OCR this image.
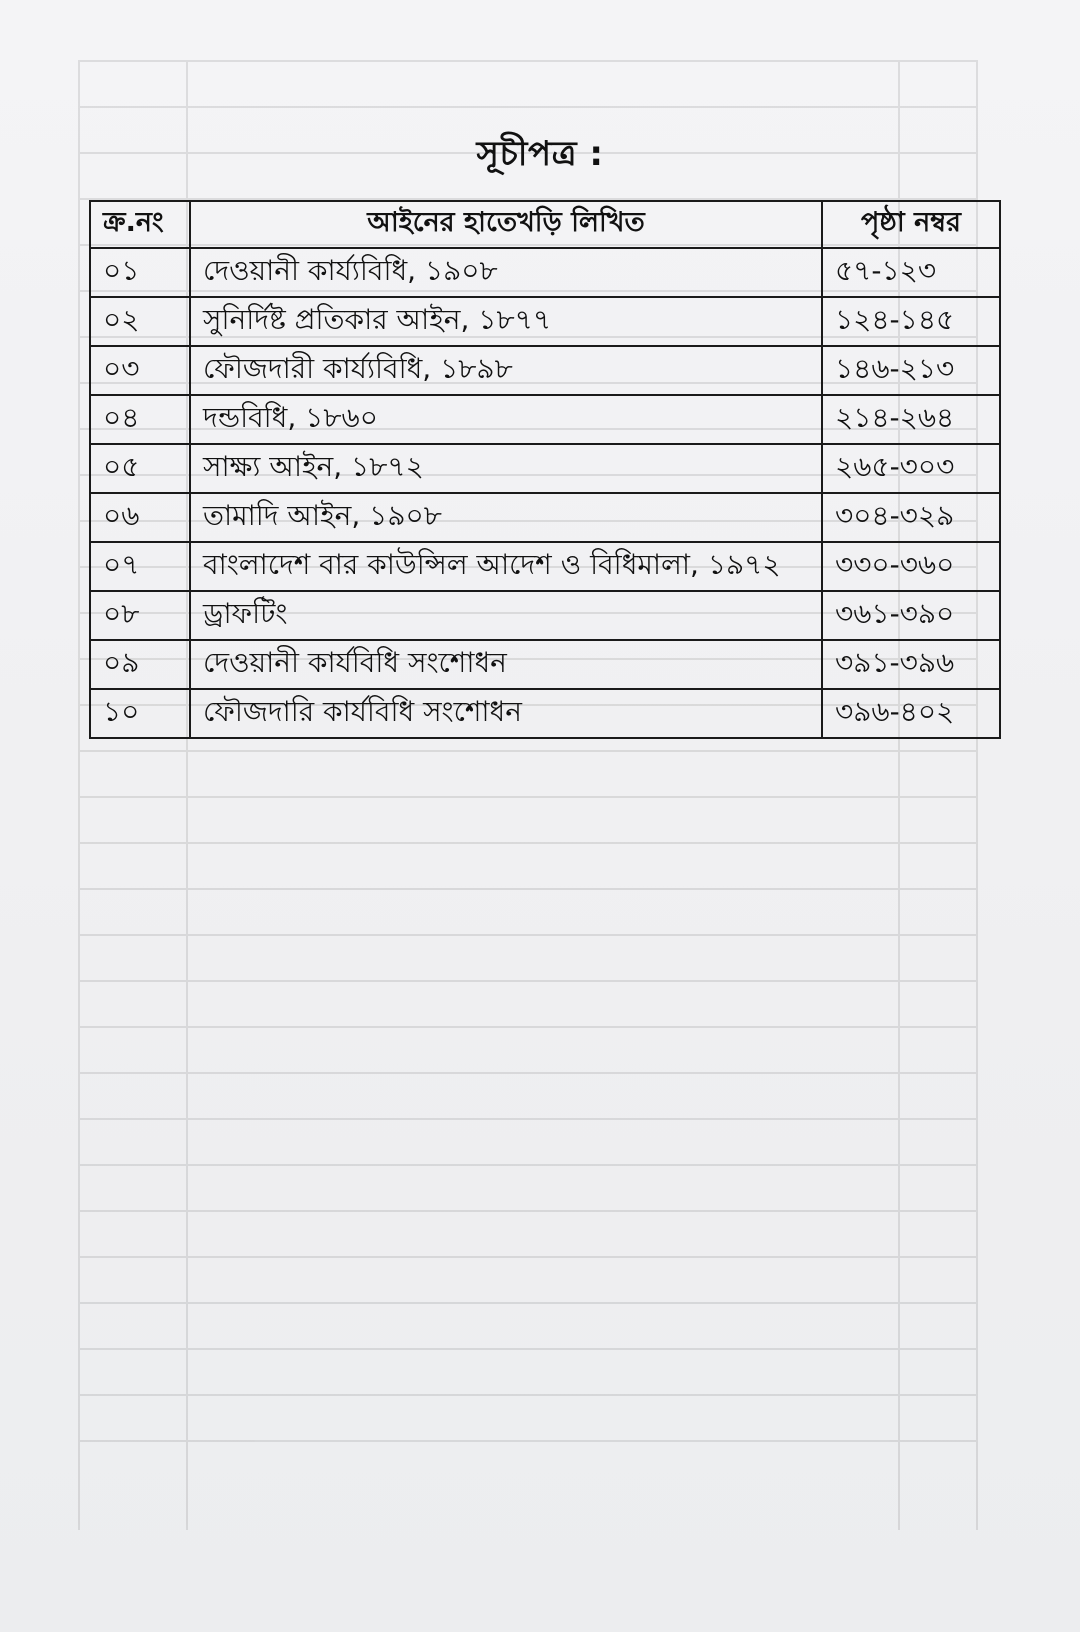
সূচীপত্র :
ক্র.নং	আইনের হাতেখড়ি লিখিত	পৃষ্ঠা নম্বর
০১	দেওয়ানী কার্য্যবিধি, ১৯০৮	৫৭-১২৩
০২	সুনির্দিষ্ট প্রতিকার আইন, ১৮৭৭	১২৪-১৪৫
০৩	ফৌজদারী কার্য্যবিধি, ১৮৯৮	১৪৬-২১৩
০৪	দন্ডবিধি, ১৮৬০	২১৪-২৬৪
০৫	সাক্ষ্য আইন, ১৮৭২	২৬৫-৩০৩
০৬	তামাদি আইন, ১৯০৮	৩০৪-৩২৯
০৭	বাংলাদেশ বার কাউন্সিল আদেশ ও বিধিমালা, ১৯৭২	৩৩০-৩৬০
০৮	ড্রাফটিং	৩৬১-৩৯০
০৯	দেওয়ানী কার্যবিধি সংশোধন	৩৯১-৩৯৬
১০	ফৌজদারি কার্যবিধি সংশোধন	৩৯৬-৪০২
